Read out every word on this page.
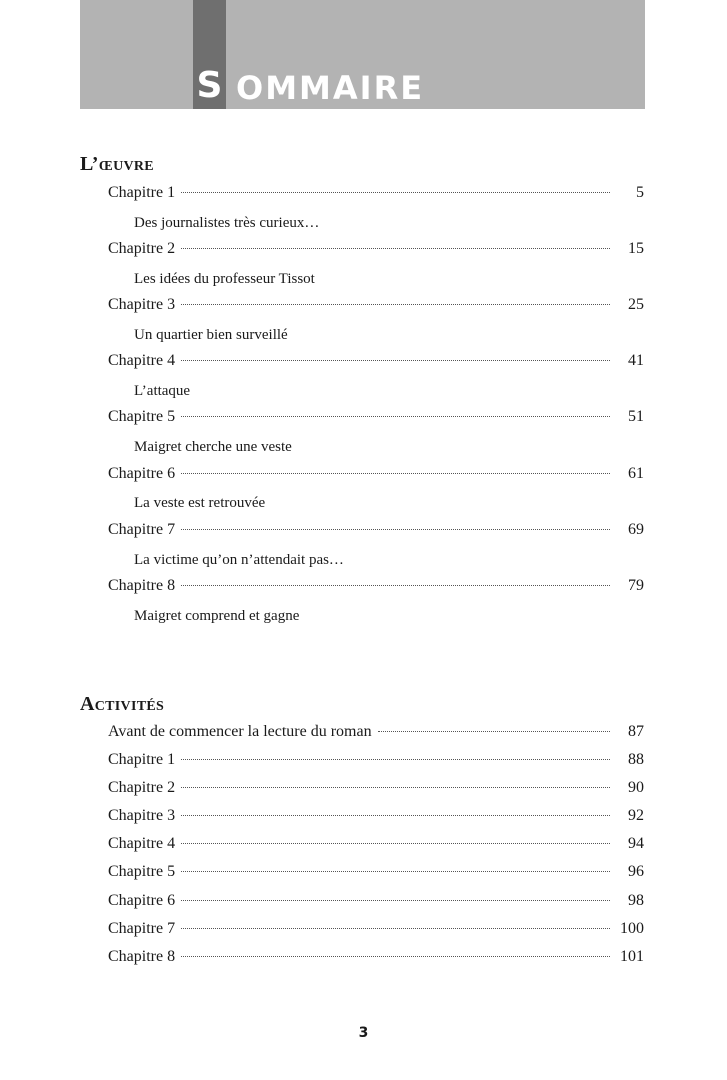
S OMMAIRE
L’œuvre
Chapitre 1	5
Des journalistes très curieux…
Chapitre 2	15
Les idées du professeur Tissot
Chapitre 3	25
Un quartier bien surveillé
Chapitre 4	41
L’attaque
Chapitre 5	51
Maigret cherche une veste
Chapitre 6	61
La veste est retrouvée
Chapitre 7	69
La victime qu’on n’attendait pas…
Chapitre 8	79
Maigret comprend et gagne
Activités
Avant de commencer la lecture du roman	87
Chapitre 1	88
Chapitre 2	90
Chapitre 3	92
Chapitre 4	94
Chapitre 5	96
Chapitre 6	98
Chapitre 7	100
Chapitre 8	101
3
